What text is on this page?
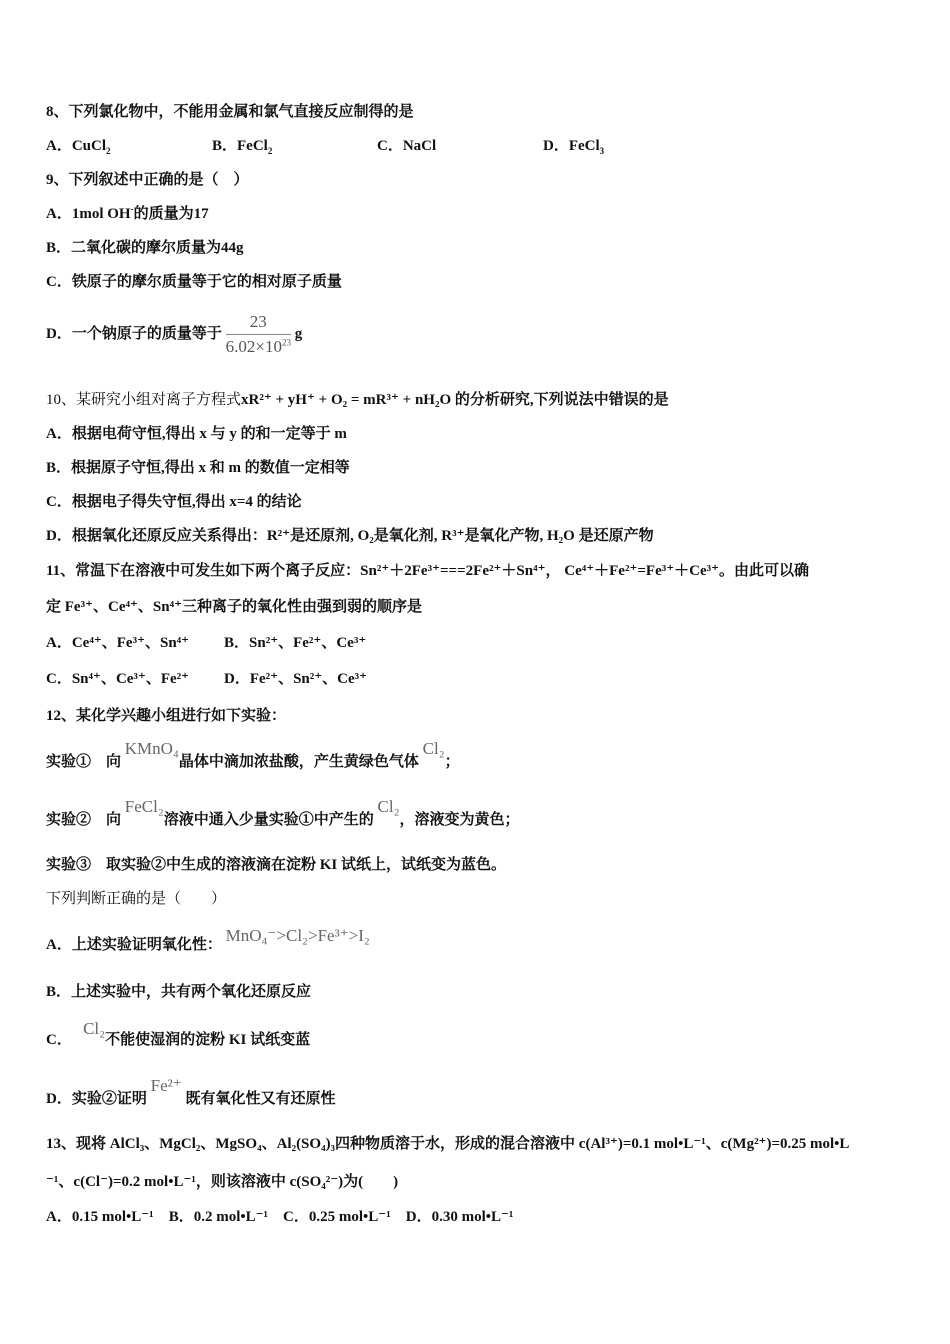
8、下列氯化物中，不能用金属和氯气直接反应制得的是
A．CuCl$_2$	B．FeCl$_2$	C．NaCl	D．FeCl$_3$
9、下列叙述中正确的是（　）
A．1mol OH-的质量为17
B．二氧化碳的摩尔质量为44g
C．铁原子的摩尔质量等于它的相对原子质量
D．一个钠原子的质量等于 $\frac{23}{6.02\times 10^{23}}$ g
10、某研究小组对离子方程式xR²⁺ + yH⁺ + O₂ = mR³⁺ + nH₂O 的分析研究,下列说法中错误的是
A．根据电荷守恒,得出 x 与 y 的和一定等于 m
B．根据原子守恒,得出 x 和 m 的数值一定相等
C．根据电子得失守恒,得出 x=4 的结论
D．根据氧化还原反应关系得出：R²⁺是还原剂, O₂是氧化剂, R³⁺是氧化产物, H₂O 是还原产物
11、常温下在溶液中可发生如下两个离子反应：Sn²⁺＋2Fe³⁺===2Fe²⁺＋Sn⁴⁺， Ce⁴⁺＋Fe²⁺=Fe³⁺＋Ce³⁺。由此可以确
定 Fe³⁺、Ce⁴⁺、Sn⁴⁺三种离子的氧化性由强到弱的顺序是
A．Ce⁴⁺、Fe³⁺、Sn⁴⁺ B．Sn²⁺、Fe²⁺、Ce³⁺
C．Sn⁴⁺、Ce³⁺、Fe²⁺ D．Fe²⁺、Sn²⁺、Ce³⁺
12、某化学兴趣小组进行如下实验：
实验① 向 KMnO₄晶体中滴加浓盐酸，产生黄绿色气体 Cl₂；
实验② 向 FeCl₂溶液中通入少量实验①中产生的 Cl₂，溶液变为黄色；
实验③ 取实验②中生成的溶液滴在淀粉 KI 试纸上，试纸变为蓝色。
下列判断正确的是（　　）
A．上述实验证明氧化性： MnO₄⁻>Cl₂>Fe³⁺>I₂
B．上述实验中，共有两个氧化还原反应
C．   Cl₂不能使湿润的淀粉 KI 试纸变蓝
D．实验②证明 Fe²⁺ 既有氧化性又有还原性
13、现将 AlCl₃、MgCl₂、MgSO₄、Al₂(SO₄)₃四种物质溶于水，形成的混合溶液中 c(Al³⁺)=0.1 mol•L⁻¹、c(Mg²⁺)=0.25 mol•L
⁻¹、c(Cl⁻)=0.2 mol•L⁻¹，则该溶液中 c(SO₄²⁻)为(　　)
A．0.15 mol•L⁻¹ B．0.2 mol•L⁻¹ C．0.25 mol•L⁻¹ D．0.30 mol•L⁻¹
